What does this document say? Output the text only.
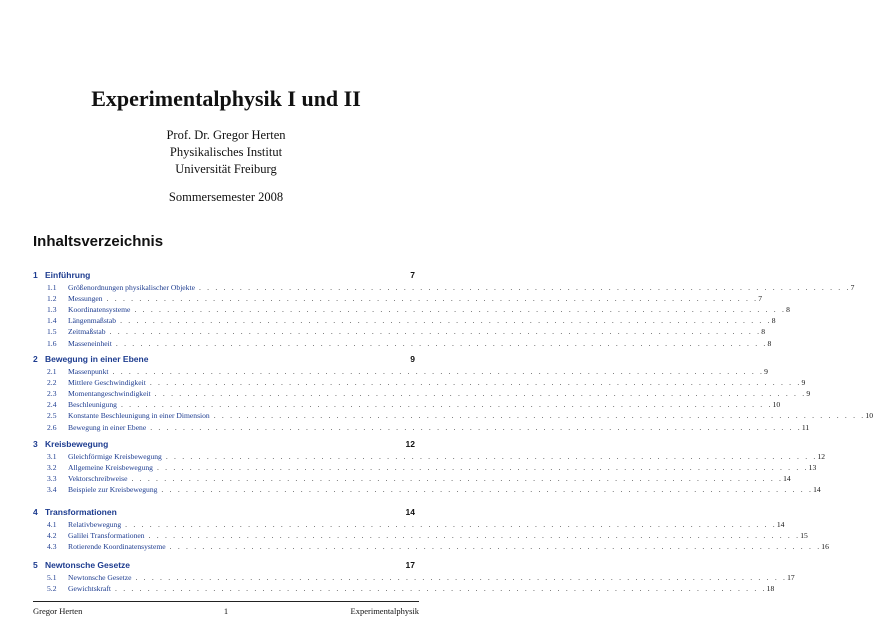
Experimentalphysik I und II
Prof. Dr. Gregor Herten
Physikalisches Institut
Universität Freiburg
Sommersemester 2008
Inhaltsverzeichnis
1 Einführung	7
1.1 Größenordnungen physikalischer Objekte . . . . . . . . . . . . . . . . . . . . . . . . . . . . . . . . . . . . . . . . . . . . . . . . . . . . . . . . . . . . . . . . . . . . . . . . . . . . . . . . 7
1.2 Messungen . . . . . . . . . . . . . . . . . . . . . . . . . . . . . . . . . . . . . . . . . . . . . . . . . . . . . . . . . . . . . . . . . . . . . . . . . . . . . . . . 7
1.3 Koordinatensysteme . . . . . . . . . . . . . . . . . . . . . . . . . . . . . . . . . . . . . . . . . . . . . . . . . . . . . . . . . . . . . . . . . . . . . . . . . . . . . . . . 8
1.4 Längenmaßstab . . . . . . . . . . . . . . . . . . . . . . . . . . . . . . . . . . . . . . . . . . . . . . . . . . . . . . . . . . . . . . . . . . . . . . . . . . . . . . . . 8
1.5 Zeitmaßstab . . . . . . . . . . . . . . . . . . . . . . . . . . . . . . . . . . . . . . . . . . . . . . . . . . . . . . . . . . . . . . . . . . . . . . . . . . . . . . . . 8
1.6 Masseneinheit . . . . . . . . . . . . . . . . . . . . . . . . . . . . . . . . . . . . . . . . . . . . . . . . . . . . . . . . . . . . . . . . . . . . . . . . . . . . . . . . 8
2 Bewegung in einer Ebene	9
2.1 Massenpunkt . . . . . . . . . . . . . . . . . . . . . . . . . . . . . . . . . . . . . . . . . . . . . . . . . . . . . . . . . . . . . . . . . . . . . . . . . . . . . . . . 9
2.2 Mittlere Geschwindigkeit . . . . . . . . . . . . . . . . . . . . . . . . . . . . . . . . . . . . . . . . . . . . . . . . . . . . . . . . . . . . . . . . . . . . . . . . . . . . . . . . 9
2.3 Momentangeschwindigkeit . . . . . . . . . . . . . . . . . . . . . . . . . . . . . . . . . . . . . . . . . . . . . . . . . . . . . . . . . . . . . . . . . . . . . . . . . . . . . . . . 9
2.4 Beschleunigung . . . . . . . . . . . . . . . . . . . . . . . . . . . . . . . . . . . . . . . . . . . . . . . . . . . . . . . . . . . . . . . . . . . . . . . . . . . . . . . . 10
2.5 Konstante Beschleunigung in einer Dimension . . . . . . . . . . . . . . . . . . . . . . . . . . . . . . . . . . . . . . . . . . . . . . . . . . . . . . . . . . . . . . . . . . . . . . . . . . . . . . . . 10
2.6 Bewegung in einer Ebene . . . . . . . . . . . . . . . . . . . . . . . . . . . . . . . . . . . . . . . . . . . . . . . . . . . . . . . . . . . . . . . . . . . . . . . . . . . . . . . . 11
3 Kreisbewegung	12
3.1 Gleichförmige Kreisbewegung . . . . . . . . . . . . . . . . . . . . . . . . . . . . . . . . . . . . . . . . . . . . . . . . . . . . . . . . . . . . . . . . . . . . . . . . . . . . . . . . 12
3.2 Allgemeine Kreisbewegung . . . . . . . . . . . . . . . . . . . . . . . . . . . . . . . . . . . . . . . . . . . . . . . . . . . . . . . . . . . . . . . . . . . . . . . . . . . . . . . . 13
3.3 Vektorschreibweise . . . . . . . . . . . . . . . . . . . . . . . . . . . . . . . . . . . . . . . . . . . . . . . . . . . . . . . . . . . . . . . . . . . . . . . . . . . . . . . . 14
3.4 Beispiele zur Kreisbewegung . . . . . . . . . . . . . . . . . . . . . . . . . . . . . . . . . . . . . . . . . . . . . . . . . . . . . . . . . . . . . . . . . . . . . . . . . . . . . . . . 14
4 Transformationen	14
4.1 Relativbewegung . . . . . . . . . . . . . . . . . . . . . . . . . . . . . . . . . . . . . . . . . . . . . . . . . . . . . . . . . . . . . . . . . . . . . . . . . . . . . . . . 14
4.2 Galilei Transformationen . . . . . . . . . . . . . . . . . . . . . . . . . . . . . . . . . . . . . . . . . . . . . . . . . . . . . . . . . . . . . . . . . . . . . . . . . . . . . . . . 15
4.3 Rotierende Koordinatensysteme . . . . . . . . . . . . . . . . . . . . . . . . . . . . . . . . . . . . . . . . . . . . . . . . . . . . . . . . . . . . . . . . . . . . . . . . . . . . . . . . 16
5 Newtonsche Gesetze	17
5.1 Newtonsche Gesetze . . . . . . . . . . . . . . . . . . . . . . . . . . . . . . . . . . . . . . . . . . . . . . . . . . . . . . . . . . . . . . . . . . . . . . . . . . . . . . . . 17
5.2 Gewichtskraft . . . . . . . . . . . . . . . . . . . . . . . . . . . . . . . . . . . . . . . . . . . . . . . . . . . . . . . . . . . . . . . . . . . . . . . . . . . . . . . . 18
Gregor Herten	1	Experimentalphysik
